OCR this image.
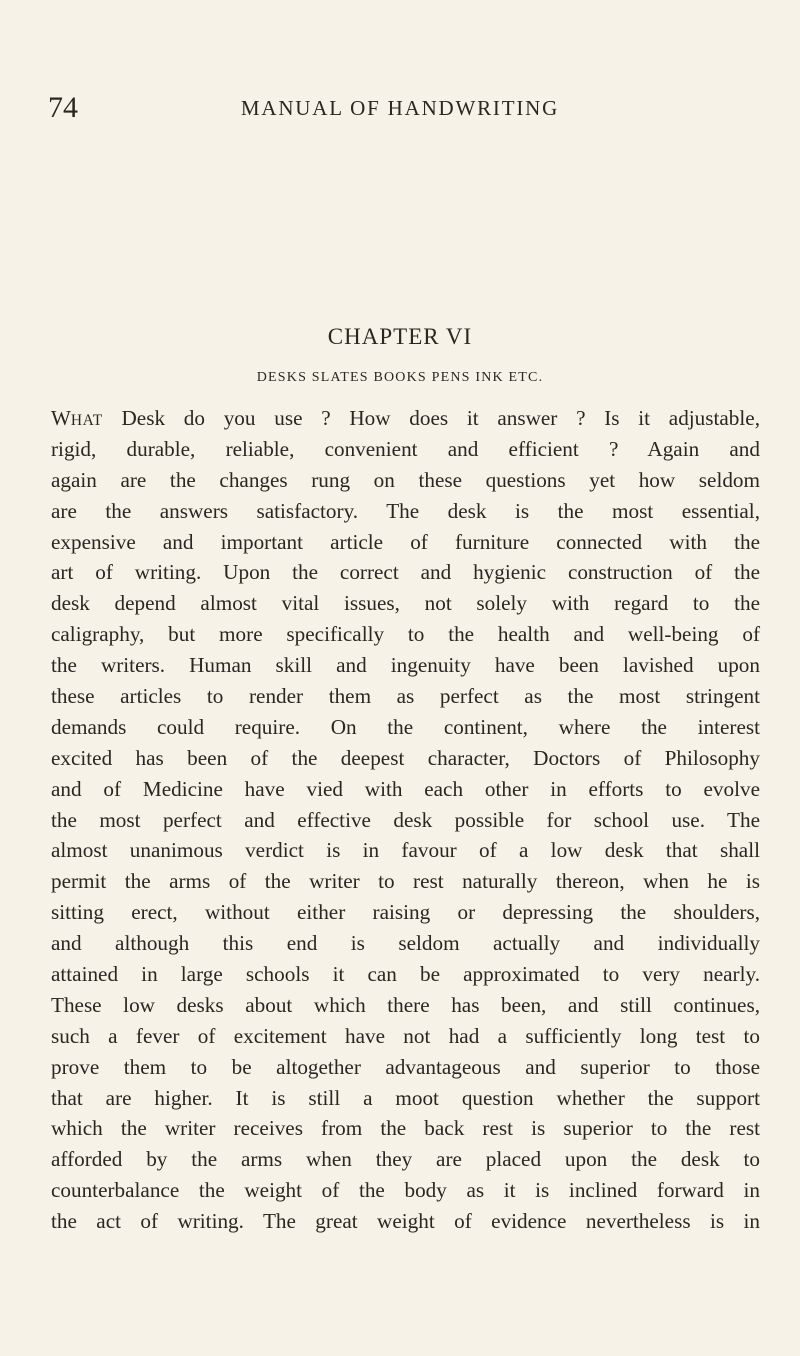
74	MANUAL OF HANDWRITING
CHAPTER VI
DESKS SLATES BOOKS PENS INK ETC.
WHAT Desk do you use ? How does it answer ? Is it adjustable,
rigid, durable, reliable, convenient and efficient ? Again and
again are the changes rung on these questions yet how seldom
are the answers satisfactory. The desk is the most essential,
expensive and important article of furniture connected with the
art of writing. Upon the correct and hygienic construction of the
desk depend almost vital issues, not solely with regard to the
caligraphy, but more specifically to the health and well-being of
the writers. Human skill and ingenuity have been lavished upon
these articles to render them as perfect as the most stringent
demands could require. On the continent, where the interest
excited has been of the deepest character, Doctors of Philosophy
and of Medicine have vied with each other in efforts to evolve
the most perfect and effective desk possible for school use. The
almost unanimous verdict is in favour of a low desk that shall
permit the arms of the writer to rest naturally thereon, when he is
sitting erect, without either raising or depressing the shoulders,
and although this end is seldom actually and individually
attained in large schools it can be approximated to very nearly.
These low desks about which there has been, and still continues,
such a fever of excitement have not had a sufficiently long test to
prove them to be altogether advantageous and superior to those
that are higher. It is still a moot question whether the support
which the writer receives from the back rest is superior to the rest
afforded by the arms when they are placed upon the desk to
counterbalance the weight of the body as it is inclined forward in
the act of writing. The great weight of evidence nevertheless is in
